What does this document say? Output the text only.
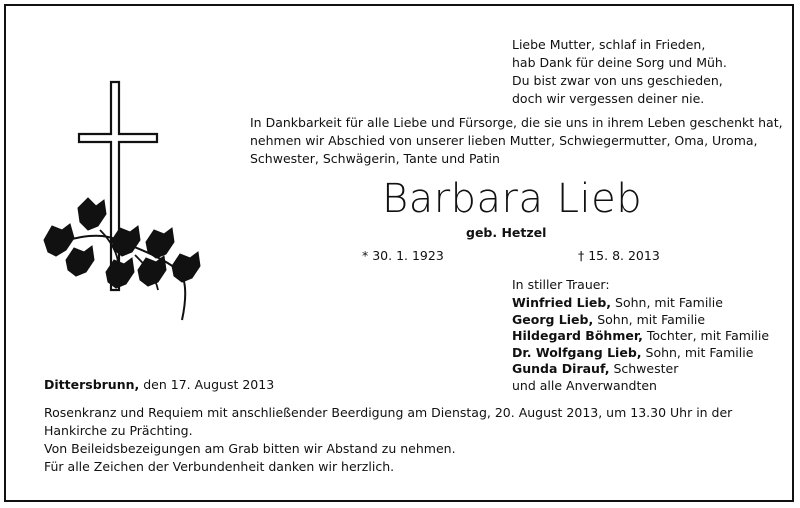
Liebe Mutter, schlaf in Frieden,
hab Dank für deine Sorg und Müh.
Du bist zwar von uns geschieden,
doch wir vergessen deiner nie.
In Dankbarkeit für alle Liebe und Fürsorge, die sie uns in ihrem Leben geschenkt hat,
nehmen wir Abschied von unserer lieben Mutter, Schwiegermutter, Oma, Uroma,
Schwester, Schwägerin, Tante und Patin
Barbara Lieb
geb. Hetzel
* 30. 1. 1923	† 15. 8. 2013
In stiller Trauer:
Winfried Lieb, Sohn, mit Familie
Georg Lieb, Sohn, mit Familie
Hildegard Böhmer, Tochter, mit Familie
Dr. Wolfgang Lieb, Sohn, mit Familie
Gunda Dirauf, Schwester
und alle Anverwandten
Dittersbrunn, den 17. August 2013
Rosenkranz und Requiem mit anschließender Beerdigung am Dienstag, 20. August 2013, um 13.30 Uhr in der
Hankirche zu Prächting.
Von Beileidsbezeigungen am Grab bitten wir Abstand zu nehmen.
Für alle Zeichen der Verbundenheit danken wir herzlich.
